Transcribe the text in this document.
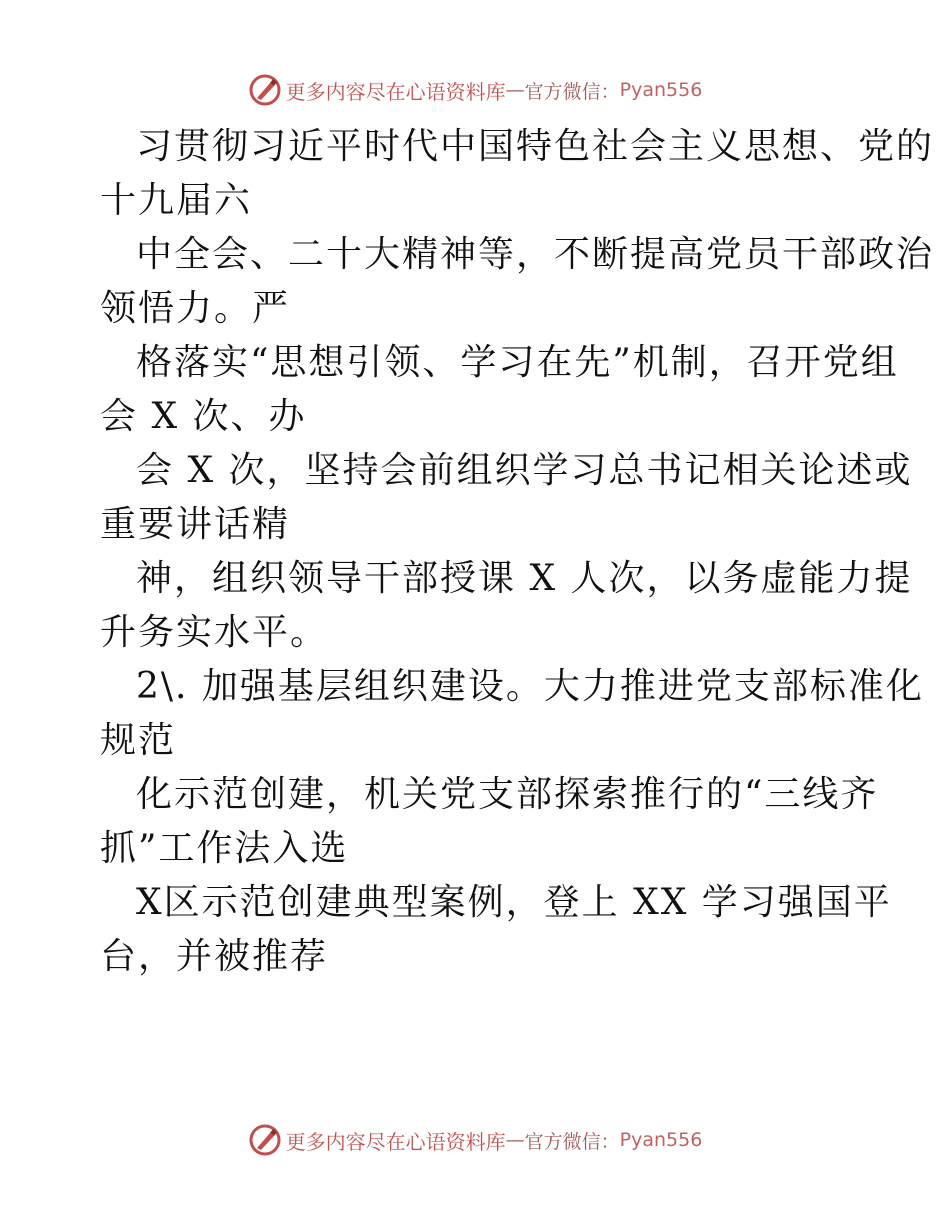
更多内容尽在心语资料库 — 官方微信： Pyan556
习贯彻习近平时代中国特色社会主义思想、党的
十九届六
中全会、二十大精神等，不断提高党员干部政治
领悟力。严
格落实“思想引领、学习在先”机制，召开党组
会 X 次、办
会 X 次，坚持会前组织学习总书记相关论述或
重要讲话精
神，组织领导干部授课 X 人次，以务虚能力提
升务实水平。
2\. 加强基层组织建设。大力推进党支部标准化
规范
化示范创建，机关党支部探索推行的“三线齐
抓”工作法入选
X区示范创建典型案例，登上 XX 学习强国平
台，并被推荐
更多内容尽在心语资料库 — 官方微信： Pyan556
